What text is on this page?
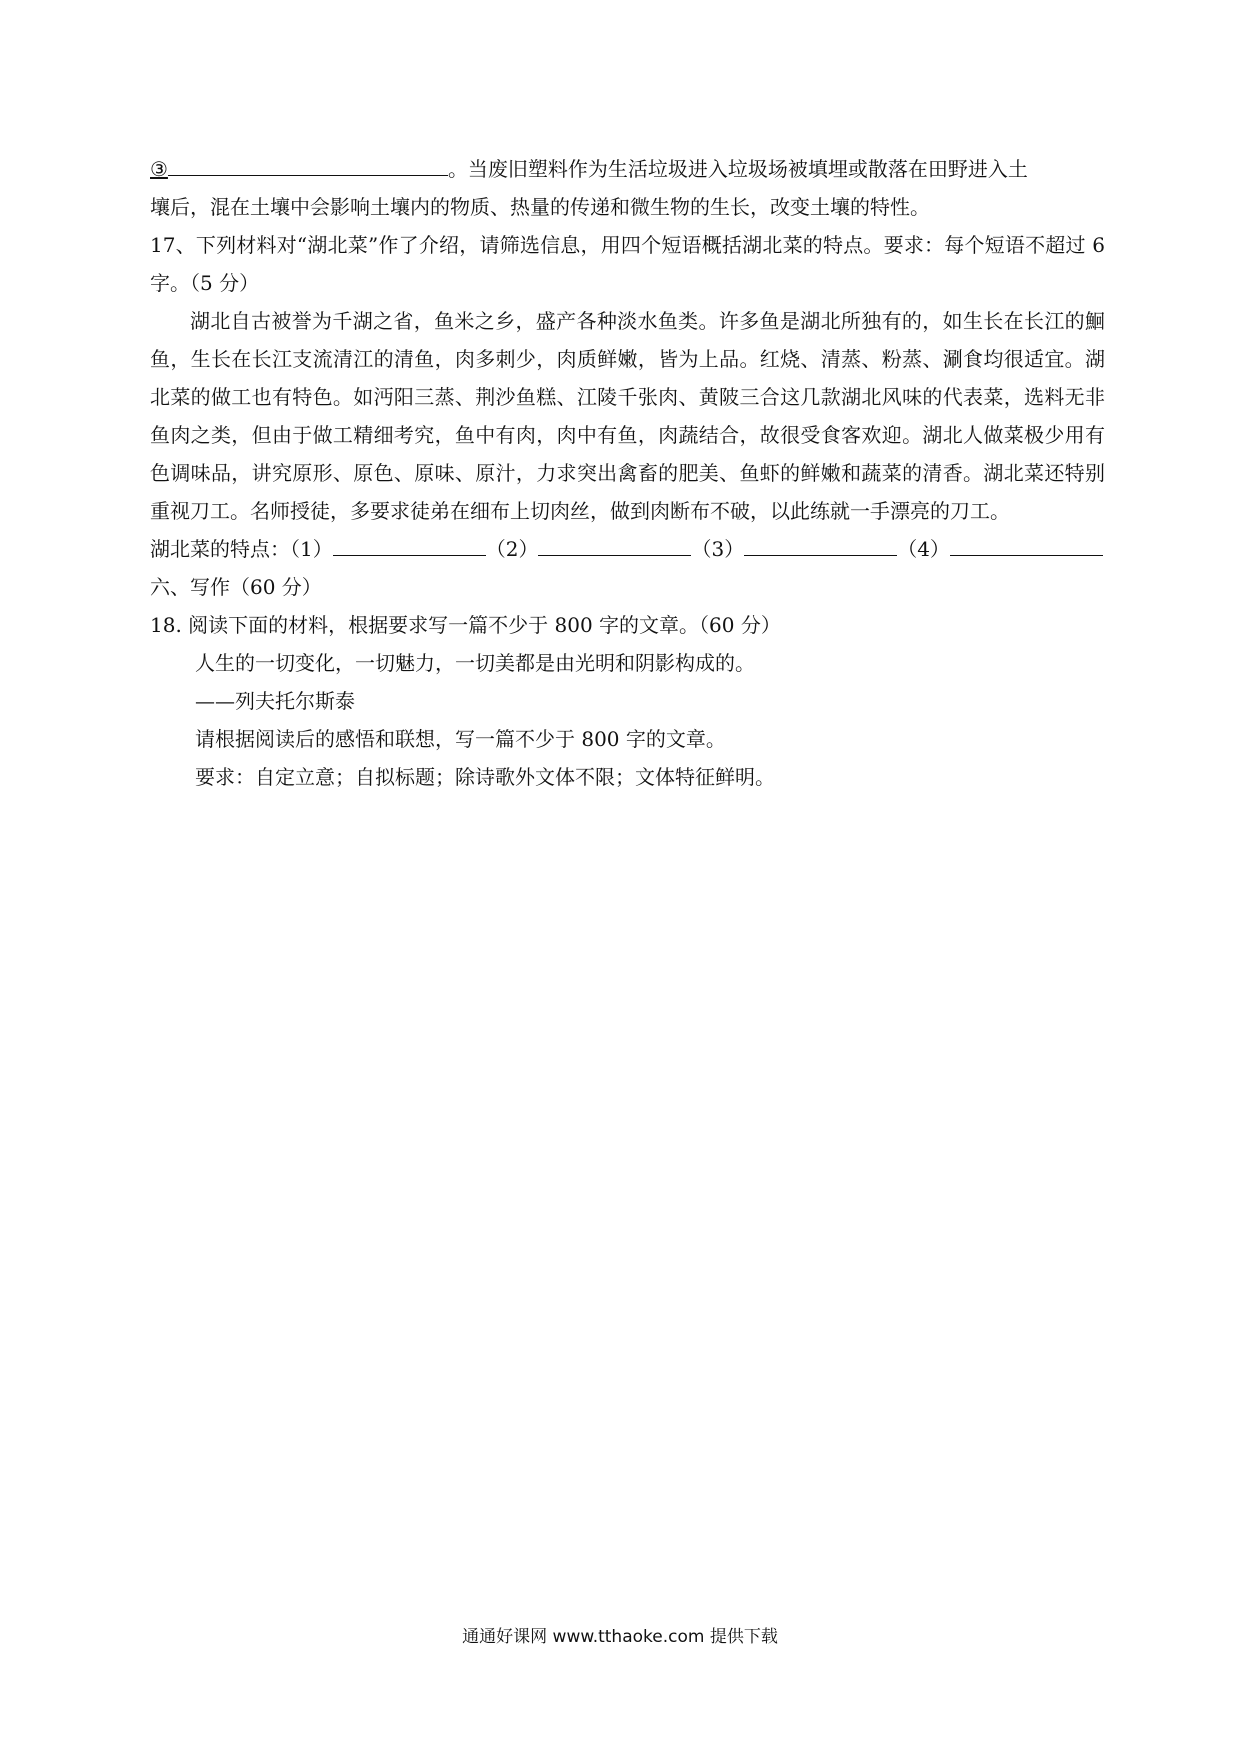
③	。当废旧塑料作为生活垃圾进入垃圾场被填埋或散落在田野进入土
壤后，混在土壤中会影响土壤内的物质、热量的传递和微生物的生长，改变土壤的特性。
17、下列材料对“湖北菜”作了介绍，请筛选信息，用四个短语概括湖北菜的特点。要求：每个短语不超过 6 字。（5 分）
湖北自古被誉为千湖之省，鱼米之乡，盛产各种淡水鱼类。许多鱼是湖北所独有的，如生长在长江的鮰鱼，生长在长江支流清江的清鱼，肉多刺少，肉质鲜嫩，皆为上品。红烧、清蒸、粉蒸、涮食均很适宜。湖北菜的做工也有特色。如沔阳三蒸、荆沙鱼糕、江陵千张肉、黄陂三合这几款湖北风味的代表菜，选料无非鱼肉之类，但由于做工精细考究，鱼中有肉，肉中有鱼，肉蔬结合，故很受食客欢迎。湖北人做菜极少用有色调味品，讲究原形、原色、原味、原汁，力求突出禽畜的肥美、鱼虾的鲜嫩和蔬菜的清香。湖北菜还特别重视刀工。名师授徒，多要求徒弟在细布上切肉丝，做到肉断布不破，以此练就一手漂亮的刀工。
湖北菜的特点：（1）	（2）	（3）	（4）
六、写作（60 分）
18. 阅读下面的材料，根据要求写一篇不少于 800 字的文章。（60 分）
人生的一切变化，一切魅力，一切美都是由光明和阴影构成的。
——列夫托尔斯泰
请根据阅读后的感悟和联想，写一篇不少于 800 字的文章。
要求：自定立意；自拟标题；除诗歌外文体不限；文体特征鲜明。
通通好课网 www.tthaoke.com 提供下载
